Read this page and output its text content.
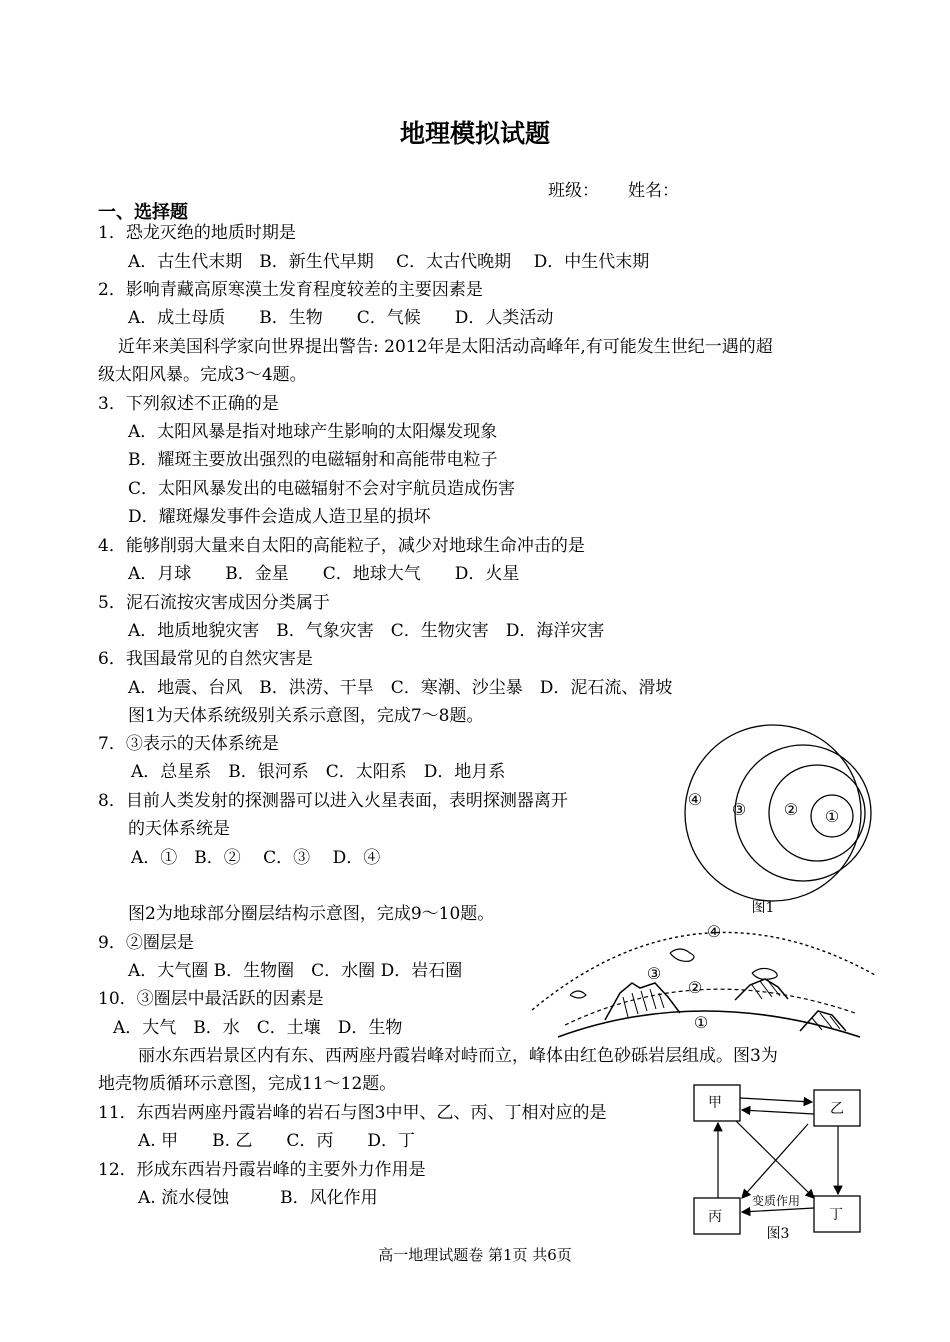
地理模拟试题
班级： 姓名：
一、选择题
1．恐龙灭绝的地质时期是
A．古生代末期　B．新生代早期　 C．太古代晚期　 D．中生代末期
2．影响青藏高原寒漠土发育程度较差的主要因素是
A．成土母质　　B．生物　　C．气候　　D．人类活动
近年来美国科学家向世界提出警告: 2012年是太阳活动高峰年,有可能发生世纪一遇的超
级太阳风暴。完成3～4题。
3．下列叙述不正确的是
A．太阳风暴是指对地球产生影响的太阳爆发现象
B．耀斑主要放出强烈的电磁辐射和高能带电粒子
C．太阳风暴发出的电磁辐射不会对宇航员造成伤害
D．耀斑爆发事件会造成人造卫星的损坏
4．能够削弱大量来自太阳的高能粒子，减少对地球生命冲击的是
A．月球　　B．金星　　C．地球大气　　D．火星
5．泥石流按灾害成因分类属于
A．地质地貌灾害　B．气象灾害　C．生物灾害　D．海洋灾害
6．我国最常见的自然灾害是
A．地震、台风　B．洪涝、干旱　C．寒潮、沙尘暴　D．泥石流、滑坡
图1为天体系统级别关系示意图，完成7～8题。
7．③表示的天体系统是
A．总星系　B．银河系　C．太阳系　D．地月系
8．目前人类发射的探测器可以进入火星表面，表明探测器离开
的天体系统是
A．①　B．②　 C．③　 D．④
图2为地球部分圈层结构示意图，完成9～10题。
9．②圈层是
A．大气圈 B．生物圈　C．水圈 D．岩石圈
10．③圈层中最活跃的因素是
A．大气　B．水　C．土壤　D．生物
丽水东西岩景区内有东、西两座丹霞岩峰对峙而立，峰体由红色砂砾岩层组成。图3为
地壳物质循环示意图，完成11～12题。
11．东西岩两座丹霞岩峰的岩石与图3中甲、乙、丙、丁相对应的是
A. 甲　　B. 乙　　C．丙　　D．丁
12．形成东西岩丹霞岩峰的主要外力作用是
A. 流水侵蚀　　　B．风化作用
①
②
③
④
图1
④
③
②
①
甲	乙
丙	丁
变质作用
图3
高一地理试题卷 第1页 共6页
